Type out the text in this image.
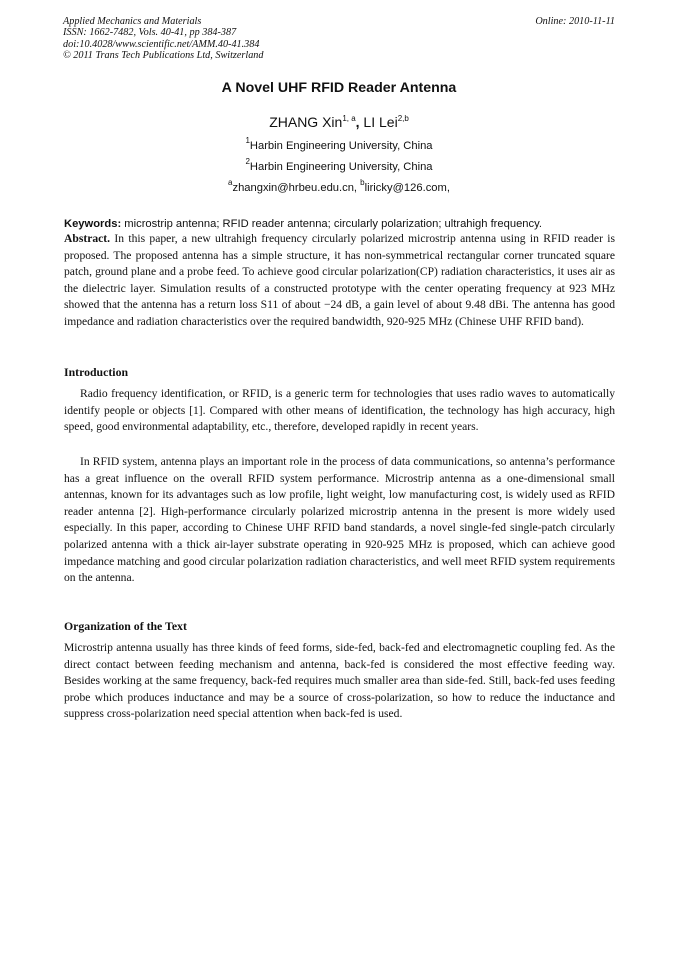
Applied Mechanics and Materials
ISSN: 1662-7482, Vols. 40-41, pp 384-387
doi:10.4028/www.scientific.net/AMM.40-41.384
© 2011 Trans Tech Publications Ltd, Switzerland
Online: 2010-11-11
A Novel UHF RFID Reader Antenna
ZHANG Xin$^{1, a}$, LI Lei$^{2,b}$
$^1$Harbin Engineering University, China
$^2$Harbin Engineering University, China
$^a$zhangxin@hrbeu.edu.cn, $^b$liricky@126.com,
Keywords: microstrip antenna; RFID reader antenna; circularly polarization; ultrahigh frequency.

Abstract. In this paper, a new ultrahigh frequency circularly polarized microstrip antenna using in RFID reader is proposed. The proposed antenna has a simple structure, it has non-symmetrical rectangular corner truncated square patch, ground plane and a probe feed. To achieve good circular polarization(CP) radiation characteristics, it uses air as the dielectric layer. Simulation results of a constructed prototype with the center operating frequency at 923 MHz showed that the antenna has a return loss S11 of about −24 dB, a gain level of about 9.48 dBi. The antenna has good impedance and radiation characteristics over the required bandwidth, 920-925 MHz (Chinese UHF RFID band).

Introduction

Radio frequency identification, or RFID, is a generic term for technologies that uses radio waves to automatically identify people or objects [1]. Compared with other means of identification, the technology has high accuracy, high speed, good environmental adaptability, etc., therefore, developed rapidly in recent years.

In RFID system, antenna plays an important role in the process of data communications, so antenna’s performance has a great influence on the overall RFID system performance. Microstrip antenna as a one-dimensional small antennas, known for its advantages such as low profile, light weight, low manufacturing cost, is widely used as RFID reader antenna [2]. High-performance circularly polarized microstrip antenna in the present is more widely used especially. In this paper, according to Chinese UHF RFID band standards, a novel single-fed single-patch circularly polarized antenna with a thick air-layer substrate operating in 920-925 MHz is proposed, which can achieve good impedance matching and good circular polarization radiation characteristics, and well meet RFID system requirements on the antenna.

Organization of the Text

Microstrip antenna usually has three kinds of feed forms, side-fed, back-fed and electromagnetic coupling fed. As the direct contact between feeding mechanism and antenna, back-fed is considered the most effective feeding way. Besides working at the same frequency, back-fed requires much smaller area than side-fed. Still, back-fed uses feeding probe which produces inductance and may be a source of cross-polarization, so how to reduce the inductance and suppress cross-polarization need special attention when back-fed is used.
